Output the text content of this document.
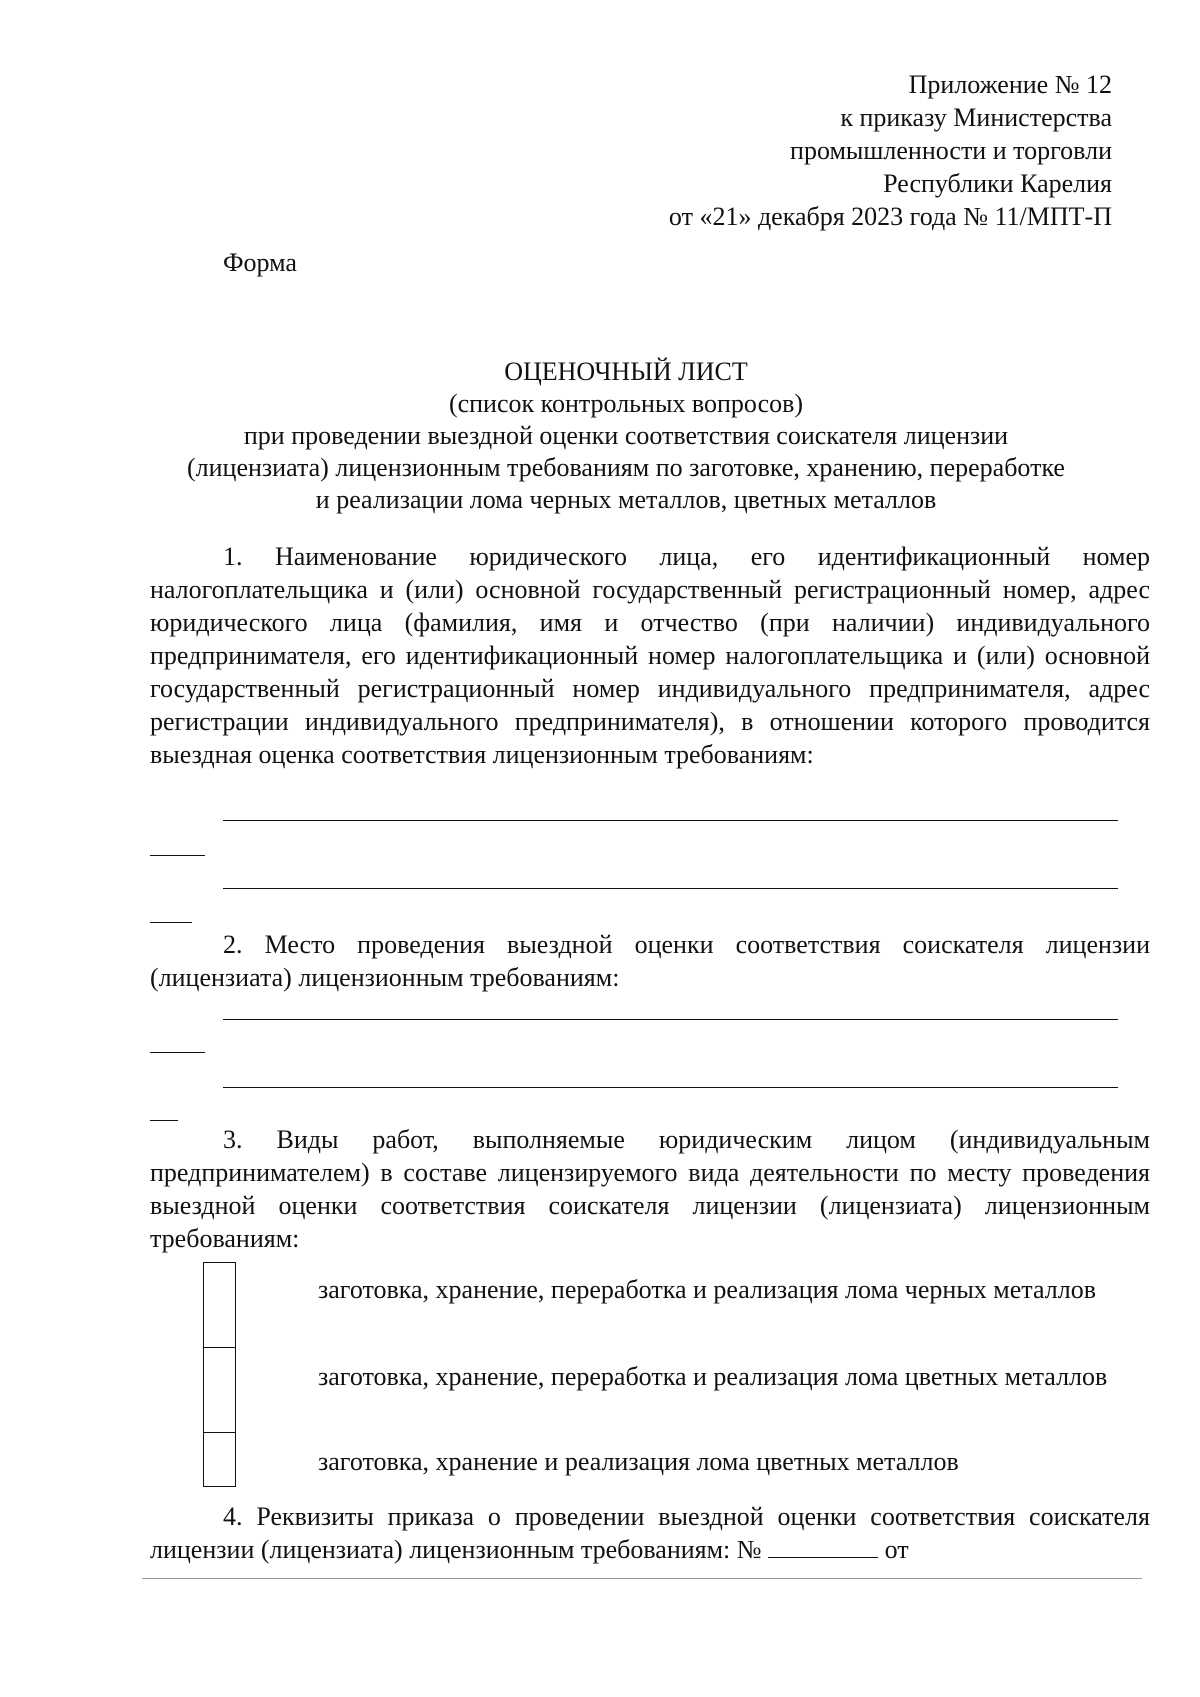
Приложение № 12
к приказу Министерства
промышленности и торговли
Республики Карелия
от «21» декабря 2023 года № 11/МПТ-П
Форма
ОЦЕНОЧНЫЙ ЛИСТ
(список контрольных вопросов)
при проведении выездной оценки соответствия соискателя лицензии
(лицензиата) лицензионным требованиям по заготовке, хранению, переработке
и реализации лома черных металлов, цветных металлов
1. Наименование юридического лица, его идентификационный номер налогоплательщика и (или) основной государственный регистрационный номер, адрес юридического лица (фамилия, имя и отчество (при наличии) индивидуального предпринимателя, его идентификационный номер налогоплательщика и (или) основной государственный регистрационный номер индивидуального предпринимателя, адрес регистрации индивидуального предпринимателя), в отношении которого проводится выездная оценка соответствия лицензионным требованиям:
2. Место проведения выездной оценки соответствия соискателя лицензии (лицензиата) лицензионным требованиям:
3. Виды работ, выполняемые юридическим лицом (индивидуальным предпринимателем) в составе лицензируемого вида деятельности по месту проведения выездной оценки соответствия соискателя лицензии (лицензиата) лицензионным требованиям:
заготовка, хранение, переработка и реализация лома черных металлов
заготовка, хранение, переработка и реализация лома цветных металлов
заготовка, хранение и реализация лома цветных металлов
4. Реквизиты приказа о проведении выездной оценки соответствия соискателя лицензии (лицензиата) лицензионным требованиям: №	от
